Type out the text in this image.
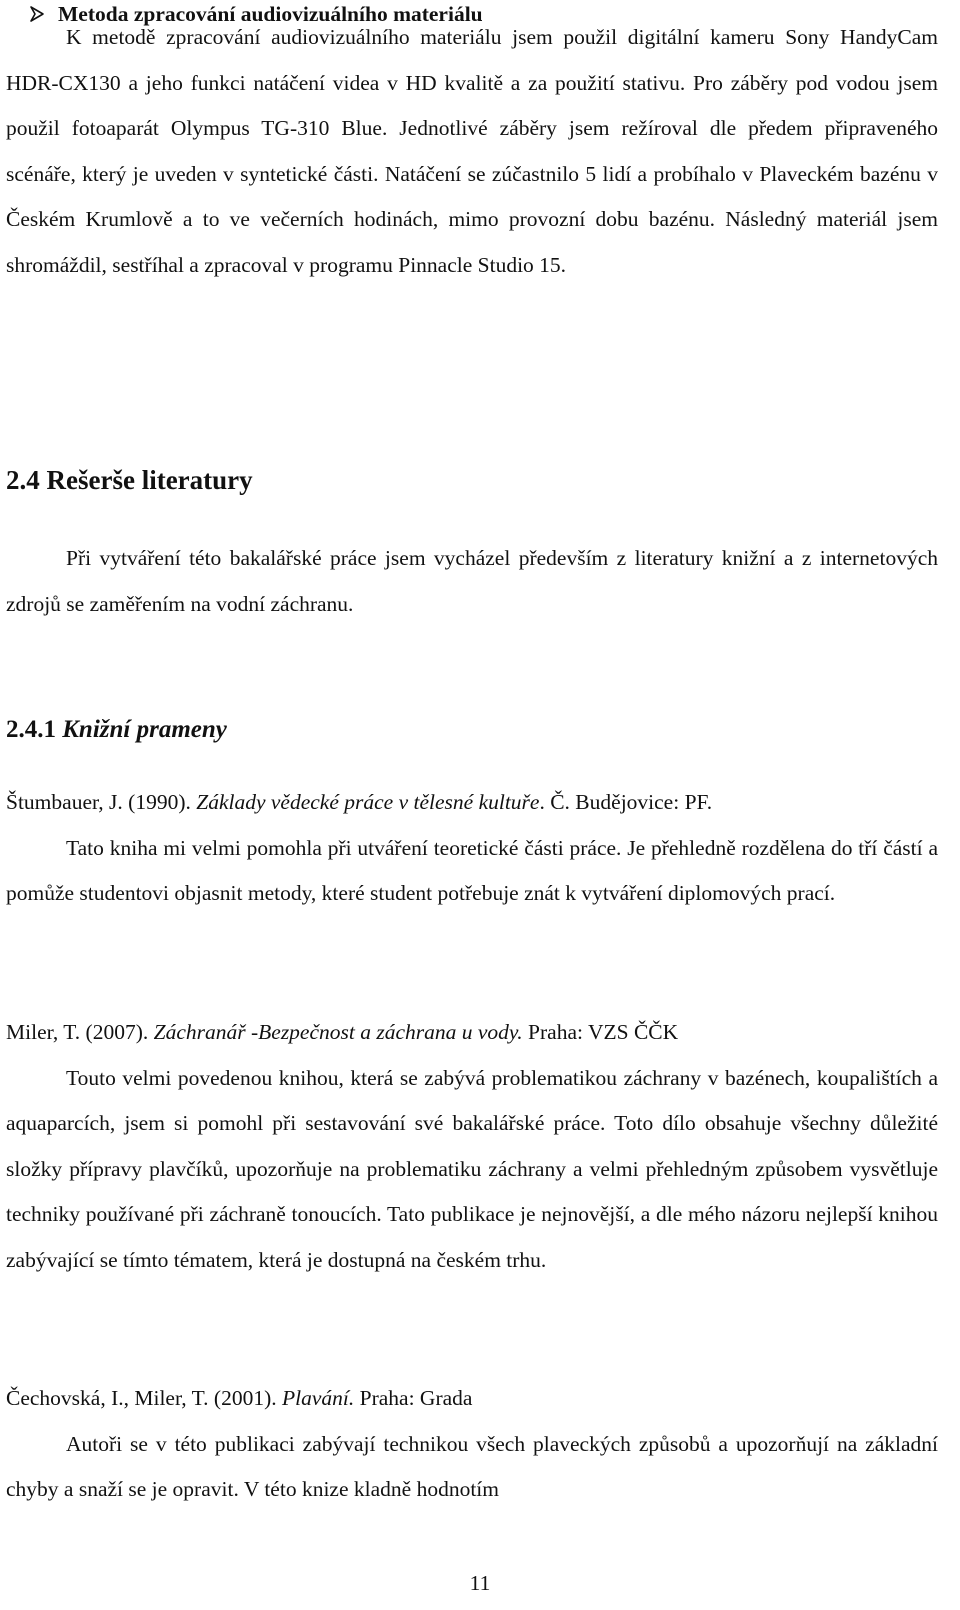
Metoda zpracování audiovizuálního materiálu

K metodě zpracování audiovizuálního materiálu jsem použil digitální kameru Sony HandyCam HDR-CX130 a jeho funkci natáčení videa v HD kvalitě a za použití stativu. Pro záběry pod vodou jsem použil fotoaparát Olympus TG-310 Blue. Jednotlivé záběry jsem režíroval dle předem připraveného scénáře, který je uveden v syntetické části. Natáčení se zúčastnilo 5 lidí a probíhalo v Plaveckém bazénu v Českém Krumlově a to ve večerních hodinách, mimo provozní dobu bazénu. Následný materiál jsem shromáždil, sestříhal a zpracoval v programu Pinnacle Studio 15.

2.4 Rešerše literatury

Při vytváření této bakalářské práce jsem vycházel především z literatury knižní a z internetových zdrojů se zaměřením na vodní záchranu.

2.4.1 Knižní prameny

Štumbauer, J. (1990). Základy vědecké práce v tělesné kultuře. Č. Budějovice: PF.

Tato kniha mi velmi pomohla při utváření teoretické části práce. Je přehledně rozdělena do tří částí a pomůže studentovi objasnit metody, které student potřebuje znát k vytváření diplomových prací.

Miler, T. (2007). Záchranář -Bezpečnost a záchrana u vody. Praha: VZS ČČK

Touto velmi povedenou knihou, která se zabývá problematikou záchrany v bazénech, koupalištích a aquaparcích, jsem si pomohl při sestavování své bakalářské práce. Toto dílo obsahuje všechny důležité složky přípravy plavčíků, upozorňuje na problematiku záchrany a velmi přehledným způsobem vysvětluje techniky používané při záchraně tonoucích. Tato publikace je nejnovější, a dle mého názoru nejlepší knihou zabývající se tímto tématem, která je dostupná na českém trhu.

Čechovská, I., Miler, T. (2001). Plavání. Praha: Grada

Autoři se v této publikaci zabývají technikou všech plaveckých způsobů a upozorňují na základní chyby a snaží se je opravit. V této knize kladně hodnotím

11
